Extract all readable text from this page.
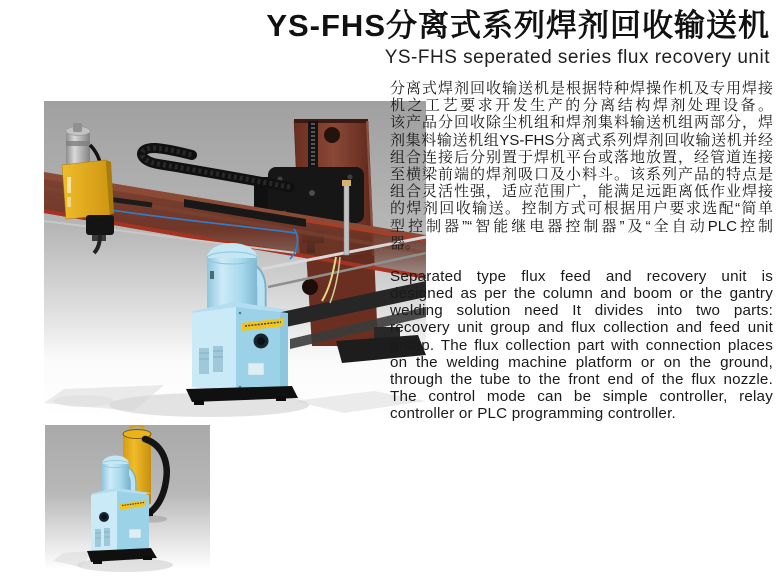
YS-FHS分离式系列焊剂回收输送机
YS-FHS seperated series flux recovery unit
分离式焊剂回收输送机是根据特种焊操作机及专用焊接
机之工艺要求开发生产的分离结构焊剂处理设备。
该产品分回收除尘机组和焊剂集料输送机组两部分，焊
剂集料输送机组YS-FHS分离式系列焊剂回收输送机并经
组合连接后分别置于焊机平台或落地放置，经管道连接
至横梁前端的焊剂吸口及小料斗。该系列产品的特点是
组合灵活性强，适应范围广，能满足远距离低作业焊接
的焊剂回收输送。控制方式可根据用户要求选配“简单
型控制器”“智能继电器控制器”及“全自动PLC控制
器。
Separated type flux feed and recovery unit is
designed as per the column and boom or the gantry
welding solution need It divides into two parts:
recovery unit group and flux collection and feed unit
group. The flux collection part with connection places
on the welding machine platform or on the ground,
through the tube to the front end of the flux nozzle.
The control mode can be simple controller, relay
controller or PLC programming controller.
